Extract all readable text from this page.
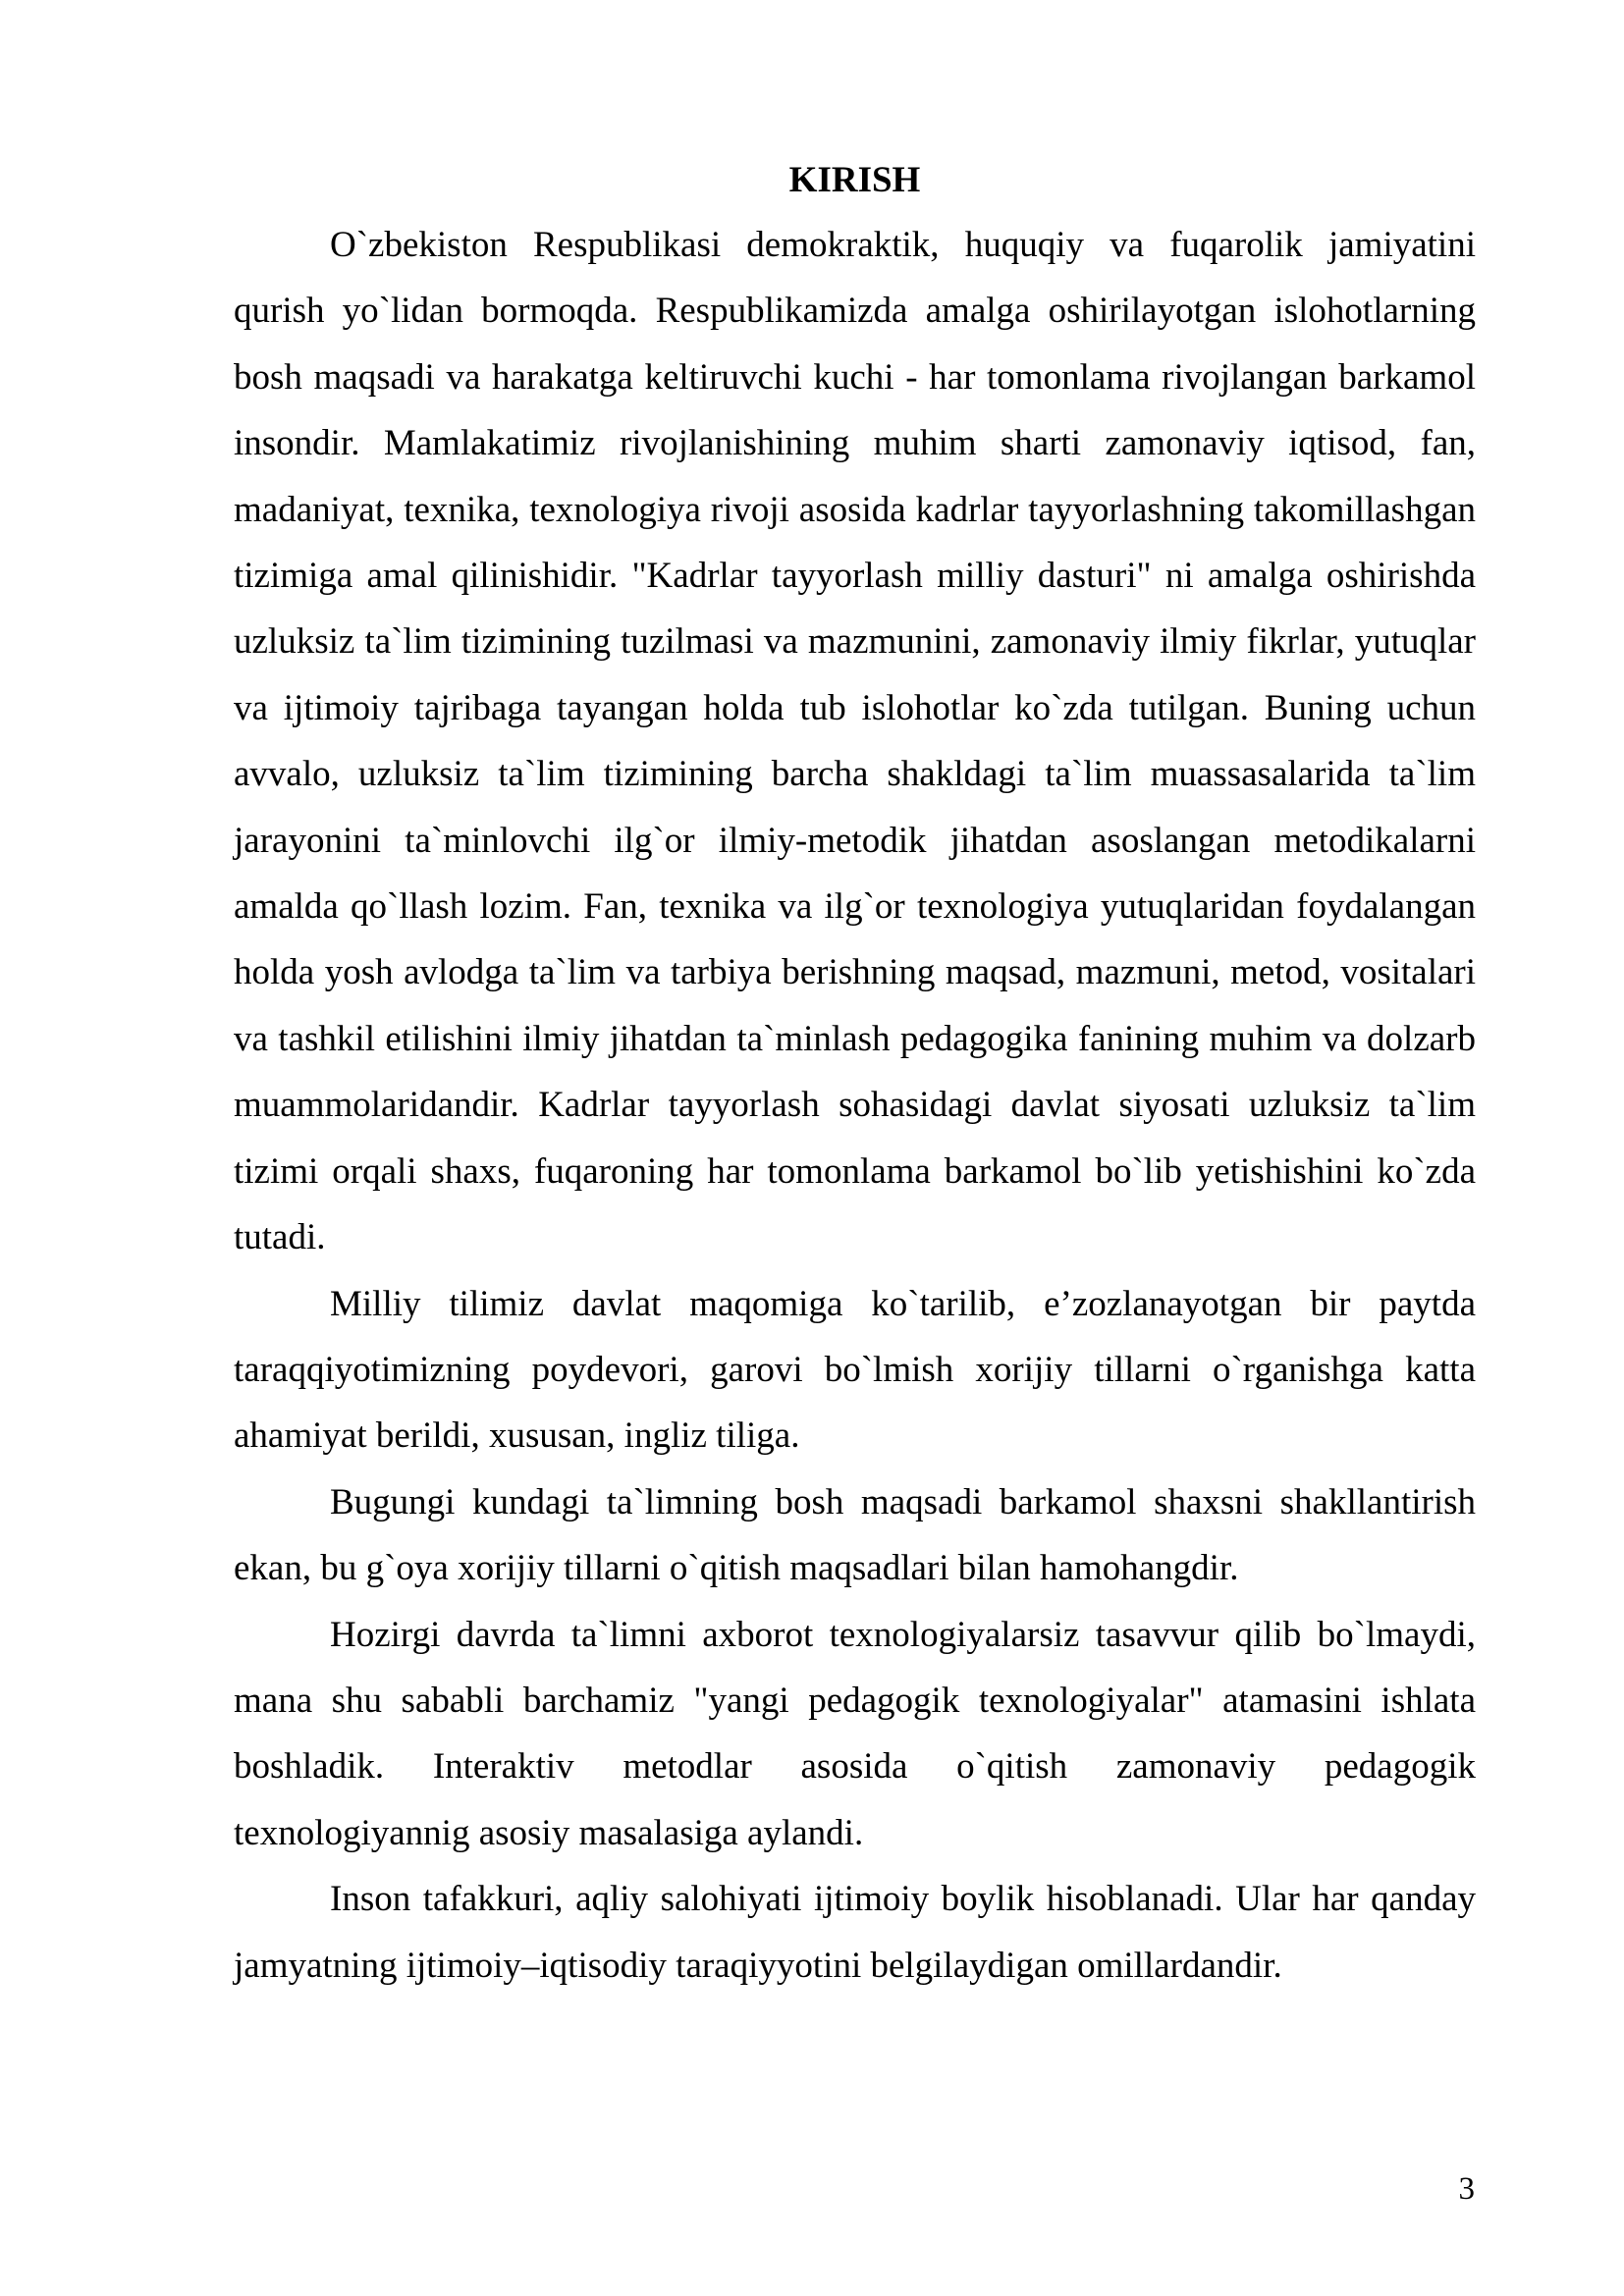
KIRISH

O`zbekiston Respublikasi demokraktik, huquqiy va fuqarolik jamiyatini qurish yo`lidan bormoqda. Respublikamizda amalga oshirilayotgan islohotlarning bosh maqsadi va harakatga keltiruvchi kuchi - har tomonlama rivojlangan barkamol insondir. Mamlakatimiz rivojlanishining muhim sharti zamonaviy iqtisod, fan, madaniyat, texnika, texnologiya rivoji asosida kadrlar tayyorlashning takomillashgan tizimiga amal qilinishidir. "Kadrlar tayyorlash milliy dasturi" ni amalga oshirishda uzluksiz ta`lim tizimining tuzilmasi va mazmunini, zamonaviy ilmiy fikrlar, yutuqlar va ijtimoiy tajribaga tayangan holda tub islohotlar ko`zda tutilgan. Buning uchun avvalo, uzluksiz ta`lim tizimining barcha shakldagi ta`lim muassasalarida ta`lim jarayonini ta`minlovchi ilg`or ilmiy-metodik jihatdan asoslangan metodikalarni amalda qo`llash lozim. Fan, texnika va ilg`or texnologiya yutuqlaridan foydalangan holda yosh avlodga ta`lim va tarbiya berishning maqsad, mazmuni, metod, vositalari va tashkil etilishini ilmiy jihatdan ta`minlash pedagogika fanining muhim va dolzarb muammolaridandir. Kadrlar tayyorlash sohasidagi davlat siyosati uzluksiz ta`lim tizimi orqali shaxs, fuqaroning har tomonlama barkamol bo`lib yetishishini ko`zda tutadi.

Milliy tilimiz davlat maqomiga ko`tarilib, e’zozlanayotgan bir paytda taraqqiyotimizning poydevori, garovi bo`lmish xorijiy tillarni o`rganishga katta ahamiyat berildi, xususan, ingliz tiliga.

Bugungi kundagi ta`limning bosh maqsadi barkamol shaxsni shakllantirish ekan, bu g`oya xorijiy tillarni o`qitish maqsadlari bilan hamohangdir.

Hozirgi davrda ta`limni axborot texnologiyalarsiz tasavvur qilib bo`lmaydi, mana shu sababli barchamiz "yangi pedagogik texnologiyalar" atamasini ishlata boshladik. Interaktiv metodlar asosida o`qitish zamonaviy pedagogik texnologiyannig asosiy masalasiga aylandi.

Inson tafakkuri, aqliy salohiyati ijtimoiy boylik hisoblanadi. Ular har qanday jamyatning ijtimoiy–iqtisodiy taraqiyyotini belgilaydigan omillardandir.

3
